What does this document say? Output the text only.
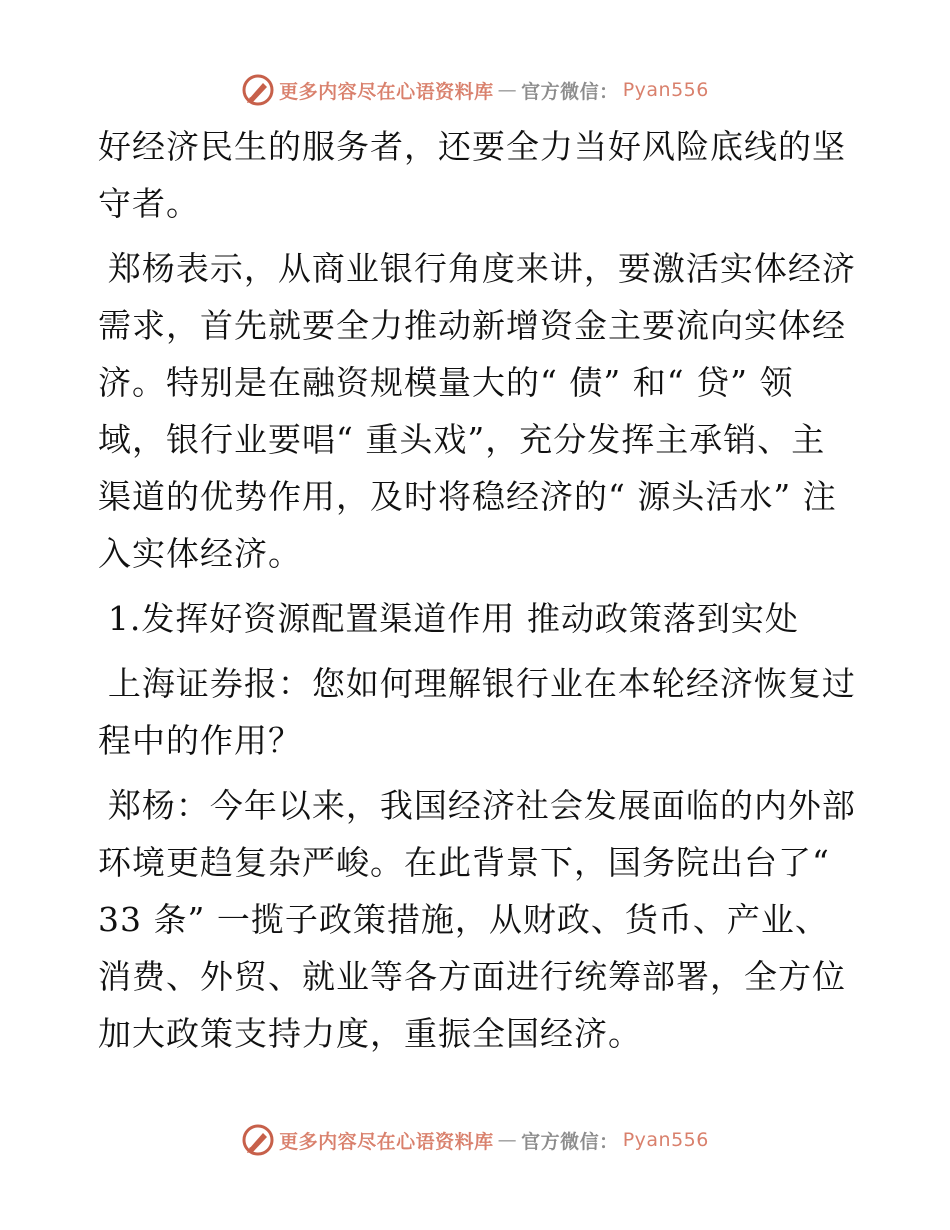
更多内容尽在心语资料库 — 官方微信： Pyan556

好经济民生的服务者，还要全力当好风险底线的坚守者。

郑杨表示，从商业银行角度来讲，要激活实体经济需求，首先就要全力推动新增资金主要流向实体经济。特别是在融资规模量大的“ 债” 和“ 贷” 领域，银行业要唱“ 重头戏”，充分发挥主承销、主渠道的优势作用，及时将稳经济的“ 源头活水” 注入实体经济。

1.发挥好资源配置渠道作用 推动政策落到实处

上海证券报：您如何理解银行业在本轮经济恢复过程中的作用？

郑杨：今年以来，我国经济社会发展面临的内外部环境更趋复杂严峻。在此背景下，国务院出台了“ 33 条” 一揽子政策措施，从财政、货币、产业、消费、外贸、就业等各方面进行统筹部署，全方位加大政策支持力度，重振全国经济。

更多内容尽在心语资料库 — 官方微信： Pyan556
